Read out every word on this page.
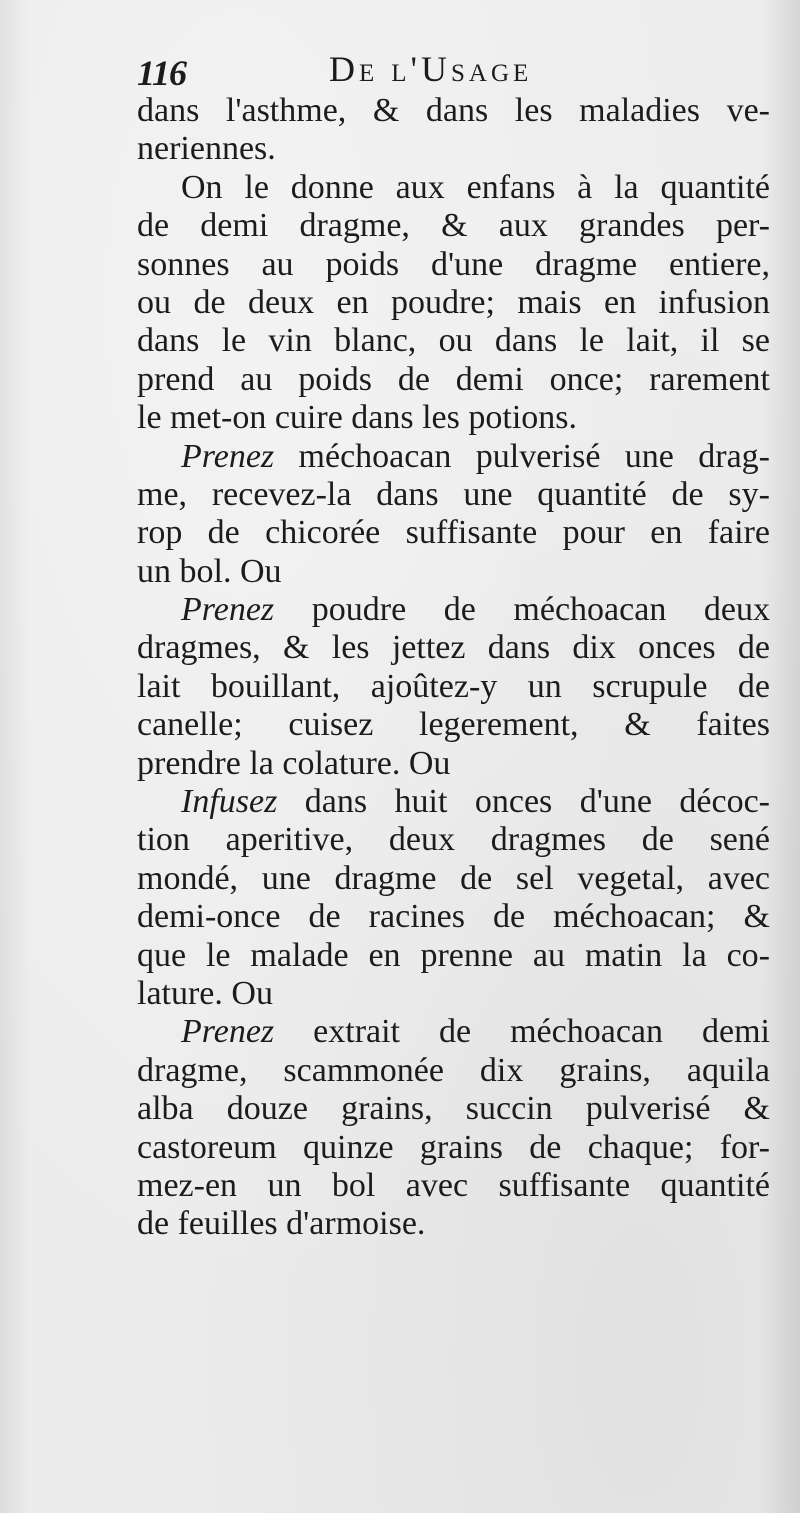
116	De l'Usage
dans l'asthme, & dans les maladies ve-
neriennes.
On le donne aux enfans à la quantité
de demi dragme, & aux grandes per-
sonnes au poids d'une dragme entiere,
ou de deux en poudre; mais en infusion
dans le vin blanc, ou dans le lait, il se
prend au poids de demi once; rarement
le met-on cuire dans les potions.
Prenez méchoacan pulverisé une drag-
me, recevez-la dans une quantité de sy-
rop de chicorée suffisante pour en faire
un bol. Ou
Prenez poudre de méchoacan deux
dragmes, & les jettez dans dix onces de
lait bouillant, ajoûtez-y un scrupule de
canelle; cuisez legerement, & faites
prendre la colature. Ou
Infusez dans huit onces d'une décoc-
tion aperitive, deux dragmes de sené
mondé, une dragme de sel vegetal, avec
demi-once de racines de méchoacan; &
que le malade en prenne au matin la co-
lature. Ou
Prenez extrait de méchoacan demi
dragme, scammonée dix grains, aquila
alba douze grains, succin pulverisé &
castoreum quinze grains de chaque; for-
mez-en un bol avec suffisante quantité
de feuilles d'armoise.
